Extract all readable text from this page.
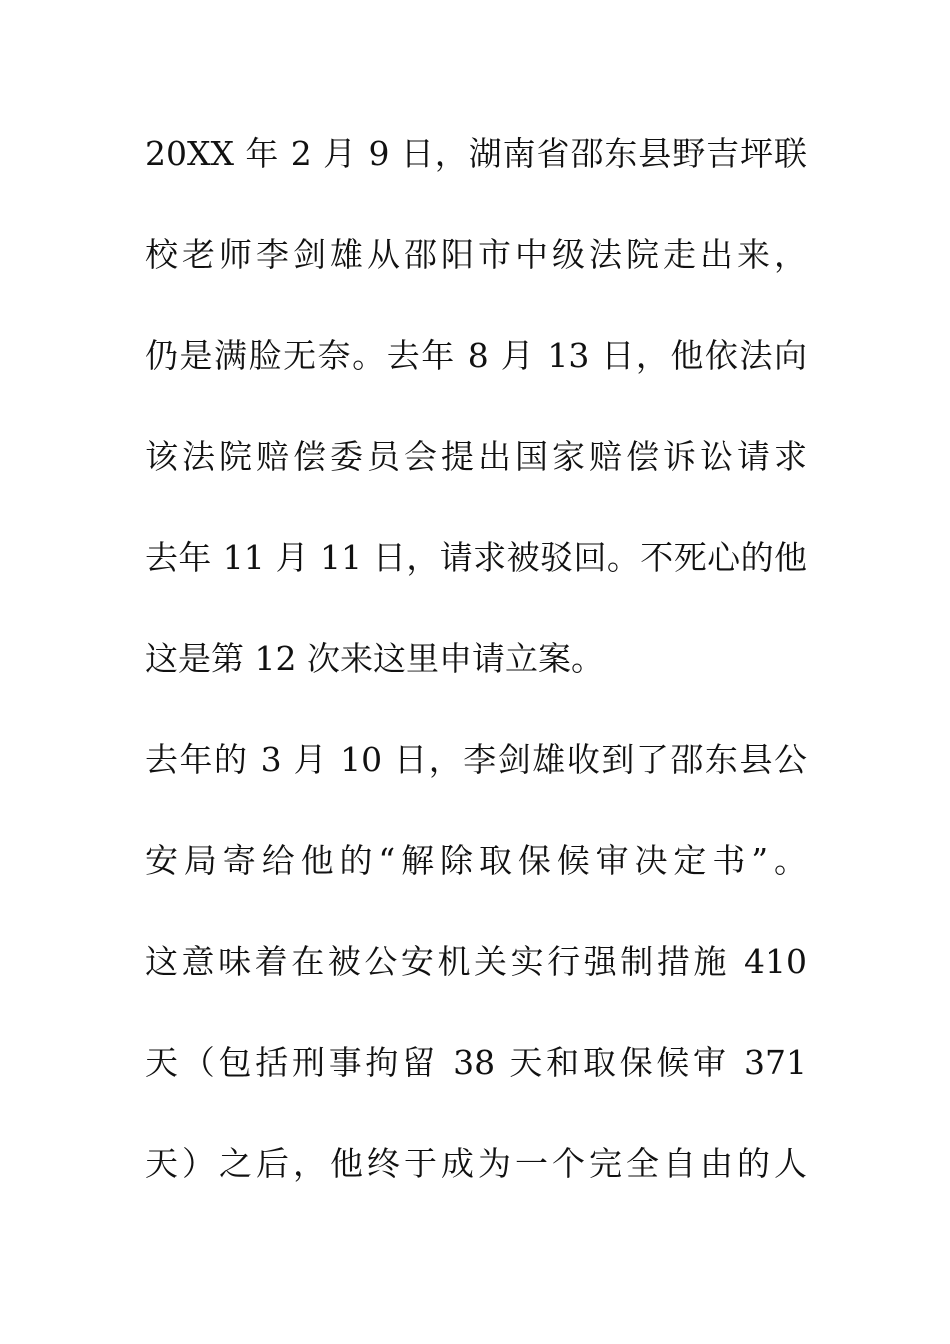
20XX 年 2 月 9 日，湖南省邵东县野吉坪联
校老师李剑雄从邵阳市中级法院走出来，
仍是满脸无奈。去年 8 月 13 日，他依法向
该法院赔偿委员会提出国家赔偿诉讼请求
去年 11 月 11 日，请求被驳回。不死心的他
这是第 12 次来这里申请立案。
去年的 3 月 10 日，李剑雄收到了邵东县公
安局寄给他的“解除取保候审决定书”。
这意味着在被公安机关实行强制措施 410
天（包括刑事拘留 38 天和取保候审 371
天）之后，他终于成为一个完全自由的人
